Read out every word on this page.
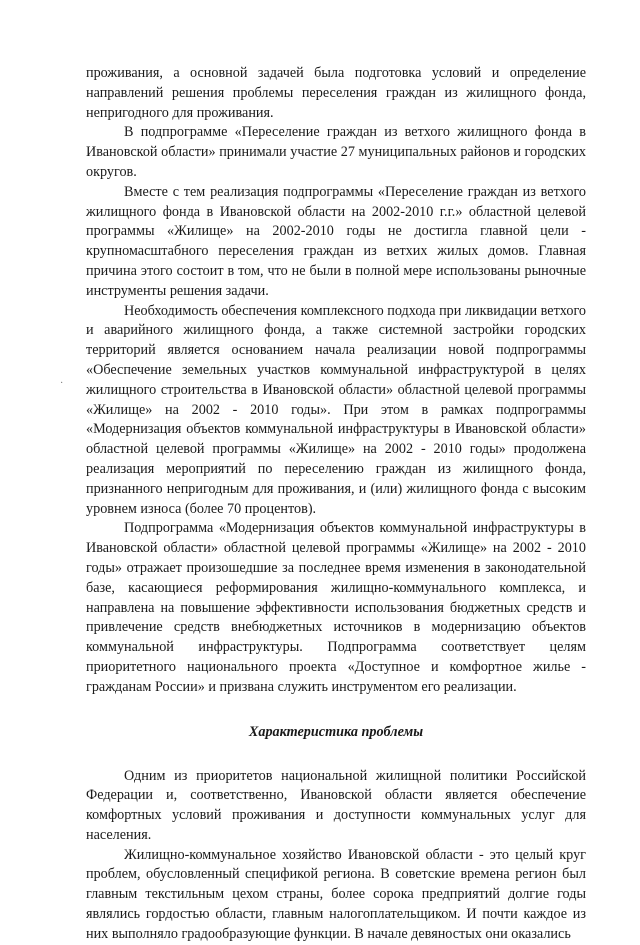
·

проживания, а основной задачей была подготовка условий и определение направлений решения проблемы переселения граждан из жилищного фонда, непригодного для проживания.

В подпрограмме «Переселение граждан из ветхого жилищного фонда в Ивановской области» принимали участие 27 муниципальных районов и городских округов.

Вместе с тем реализация подпрограммы «Переселение граждан из ветхого жилищного фонда в Ивановской области на 2002-2010 г.г.» областной целевой программы «Жилище» на 2002-2010 годы не достигла главной цели - крупномасштабного переселения граждан из ветхих жилых домов. Главная причина этого состоит в том, что не были в полной мере использованы рыночные инструменты решения задачи.

Необходимость обеспечения комплексного подхода при ликвидации ветхого и аварийного жилищного фонда, а также системной застройки городских территорий является основанием начала реализации новой подпрограммы «Обеспечение земельных участков коммунальной инфраструктурой в целях жилищного строительства в Ивановской области» областной целевой программы «Жилище» на 2002 - 2010 годы». При этом в рамках подпрограммы «Модернизация объектов коммунальной инфраструктуры в Ивановской области» областной целевой программы «Жилище» на 2002 - 2010 годы» продолжена реализация мероприятий по переселению граждан из жилищного фонда, признанного непригодным для проживания, и (или) жилищного фонда с высоким уровнем износа (более 70 процентов).

Подпрограмма «Модернизация объектов коммунальной инфраструктуры в Ивановской области» областной целевой программы «Жилище» на 2002 - 2010 годы» отражает произошедшие за последнее время изменения в законодательной базе, касающиеся реформирования жилищно-коммунального комплекса, и направлена на повышение эффективности использования бюджетных средств и привлечение средств внебюджетных источников в модернизацию объектов коммунальной инфраструктуры. Подпрограмма соответствует целям приоритетного национального проекта «Доступное и комфортное жилье - гражданам России» и призвана служить инструментом его реализации.

Характеристика проблемы

Одним из приоритетов национальной жилищной политики Российской Федерации и, соответственно, Ивановской области является обеспечение комфортных условий проживания и доступности коммунальных услуг для населения.

Жилищно-коммунальное хозяйство Ивановской области - это целый круг проблем, обусловленный спецификой региона. В советские времена регион был главным текстильным цехом страны, более сорока предприятий долгие годы являлись гордостью области, главным налогоплательщиком. И почти каждое из них выполняло градообразующие функции. В начале девяностых они оказались
